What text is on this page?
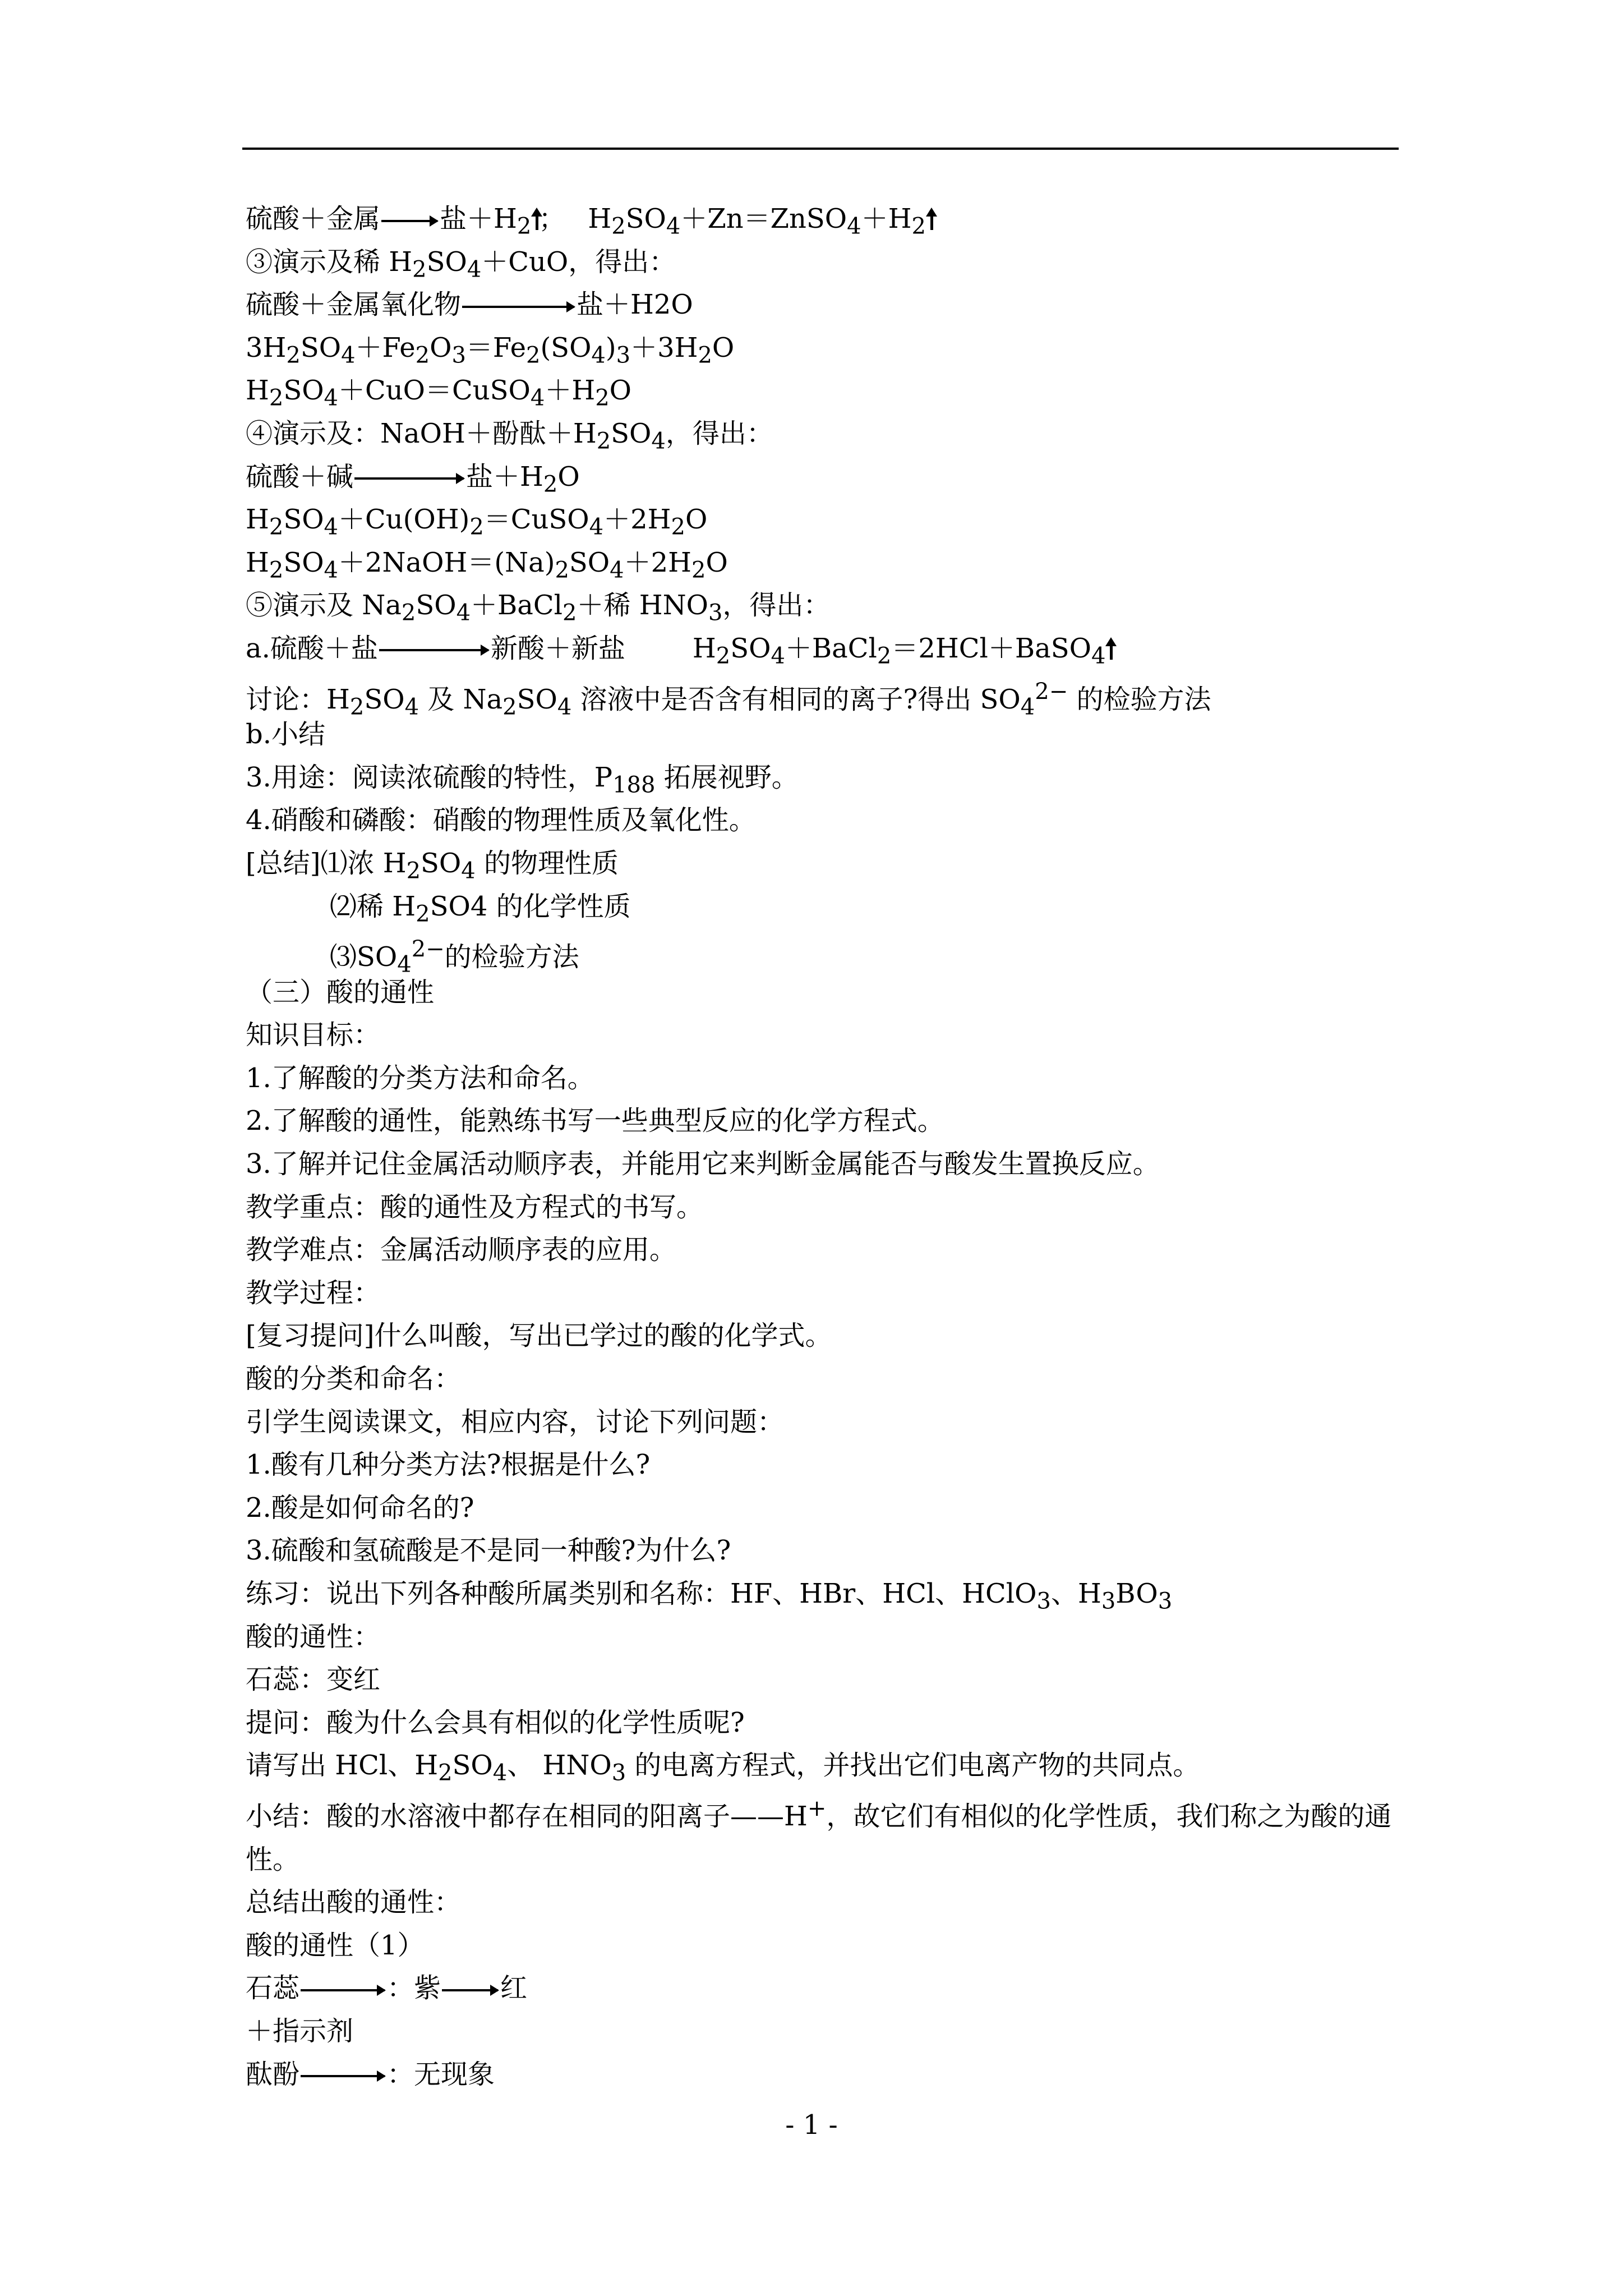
硫酸＋金属 盐$+H_2$ ； $H_2SO_4+Zn=ZnSO_4+H_2$
③演示及稀 $H_2SO_4+CuO$，得出：
硫酸＋金属氧化物	盐＋H2O
$3H_2SO_4+Fe_2O_3=Fe_2(SO_4)_3+3H_2O$
$H_2SO_4+CuO=CuSO_4+H_2O$
④演示及：NaOH＋酚酞$+H_2SO_4$，得出：
硫酸＋碱	盐$+H_2O$
$H_2SO_4+Cu(OH)_2=CuSO_4+2H_2O$
$H_2SO_4+2NaOH=(Na)_2SO_4+2H_2O$
⑤演示及 $Na_2SO_4+BaCl_2+$稀 $HNO_3$，得出：
a.硫酸＋盐	新酸＋新盐	$H_2SO_4+BaCl_2=2HCl+BaSO_4$
讨论：$H_2SO_4$ 及 $Na_2SO_4$ 溶液中是否含有相同的离子?得出 $SO_4^{2-}$ 的检验方法
b.小结
3.用途：阅读浓硫酸的特性，$P_{188}$ 拓展视野。
4.硝酸和磷酸：硝酸的物理性质及氧化性。
[总结]⑴浓 $H_2SO_4$ 的物理性质
⑵稀 $H_2SO4$ 的化学性质
$⑶SO_4^{2-}$的检验方法
（三）酸的通性
知识目标：
1.了解酸的分类方法和命名。
2.了解酸的通性，能熟练书写一些典型反应的化学方程式。
3.了解并记住金属活动顺序表，并能用它来判断金属能否与酸发生置换反应。
教学重点：酸的通性及方程式的书写。
教学难点：金属活动顺序表的应用。
教学过程：
[复习提问]什么叫酸，写出已学过的酸的化学式。
酸的分类和命名：
引学生阅读课文，相应内容，讨论下列问题：
1.酸有几种分类方法?根据是什么?
2.酸是如何命名的?
3.硫酸和氢硫酸是不是同一种酸?为什么?
练习：说出下列各种酸所属类别和名称：HF、HBr、HCl、HClO$_3$、$H_3BO_3$
酸的通性：
石蕊：变红
提问：酸为什么会具有相似的化学性质呢?
请写出 HCl、$H_2SO_4$、 $HNO_3$ 的电离方程式，并找出它们电离产物的共同点。
小结：酸的水溶液中都存在相同的阳离子——H+，故它们有相似的化学性质，我们称之为酸的通性。
总结出酸的通性：
酸的通性（1）
石蕊	：紫 红
＋指示剂
酞酚	：无现象
- 1 -
